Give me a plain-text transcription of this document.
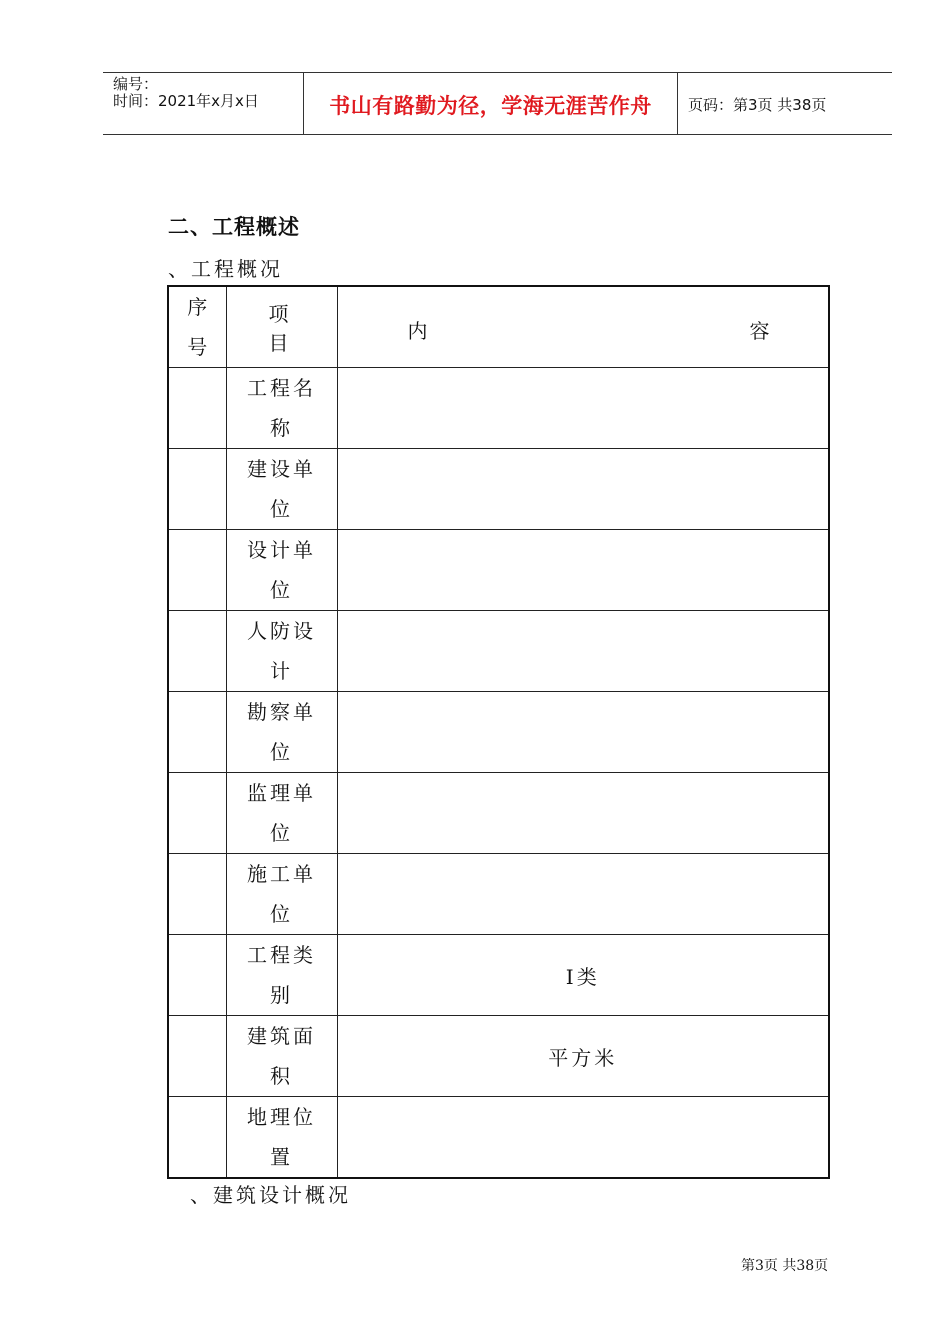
编号：
时间：2021年x月x日	书山有路勤为径，学海无涯苦作舟	页码：第3页 共38页
二、工程概述
、工程概况
序号	项　目	内 容

	工程名称	

	建设单位	

	设计单位	

	人防设计	

	勘察单位	

	监理单位	

	施工单位	

	工程类别	Ⅰ类

	建筑面积	平方米

	地理位置	

、建筑设计概况
第3页 共38页
